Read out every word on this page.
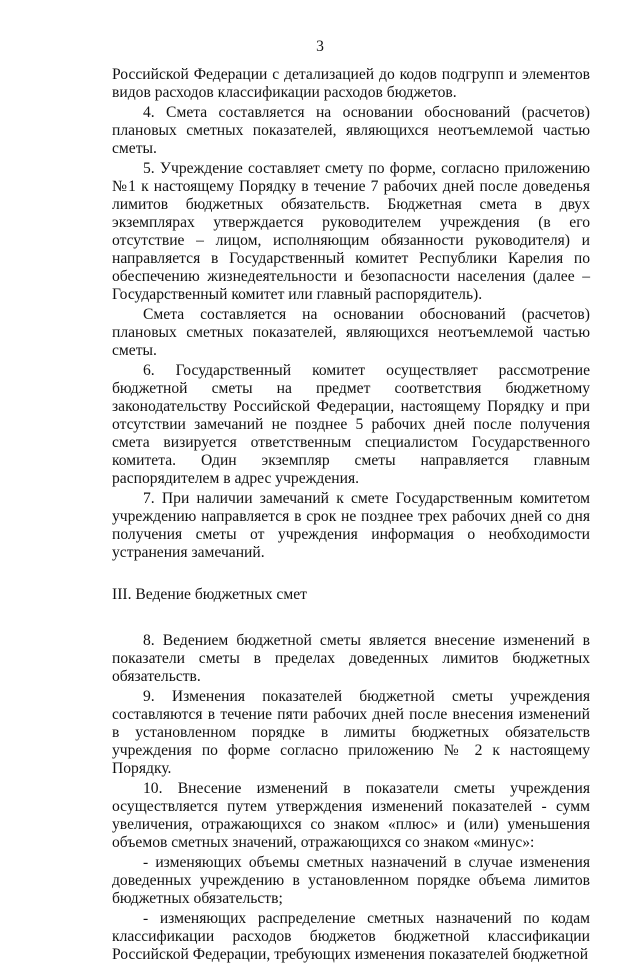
3

Российской Федерации с детализацией до кодов подгрупп и элементов видов расходов классификации расходов бюджетов.

4. Смета составляется на основании обоснований (расчетов) плановых сметных показателей, являющихся неотъемлемой частью сметы.

5. Учреждение составляет смету по форме, согласно приложению №1 к настоящему Порядку в течение 7 рабочих дней после доведенья лимитов бюджетных обязательств. Бюджетная смета в двух экземплярах утверждается руководителем учреждения (в его отсутствие – лицом, исполняющим обязанности руководителя) и направляется в Государственный комитет Республики Карелия по обеспечению жизнедеятельности и безопасности населения (далее – Государственный комитет или главный распорядитель).

Смета составляется на основании обоснований (расчетов) плановых сметных показателей, являющихся неотъемлемой частью сметы.

6. Государственный комитет осуществляет рассмотрение бюджетной сметы на предмет соответствия бюджетному законодательству Российской Федерации, настоящему Порядку и при отсутствии замечаний не позднее 5 рабочих дней после получения смета визируется ответственным специалистом Государственного комитета. Один экземпляр сметы направляется главным распорядителем в адрес учреждения.

7. При наличии замечаний к смете Государственным комитетом учреждению направляется в срок не позднее трех рабочих дней со дня получения сметы от учреждения информация о необходимости устранения замечаний.

III. Ведение бюджетных смет

8. Ведением бюджетной сметы является внесение изменений в показатели сметы в пределах доведенных лимитов бюджетных обязательств.

9. Изменения показателей бюджетной сметы учреждения составляются в течение пяти рабочих дней после внесения изменений в установленном порядке в лимиты бюджетных обязательств учреждения по форме согласно приложению № 2 к настоящему Порядку.

10. Внесение изменений в показатели сметы учреждения осуществляется путем утверждения изменений показателей - сумм увеличения, отражающихся со знаком «плюс» и (или) уменьшения объемов сметных значений, отражающихся со знаком «минус»:

- изменяющих объемы сметных назначений в случае изменения доведенных учреждению в установленном порядке объема лимитов бюджетных обязательств;

- изменяющих распределение сметных назначений по кодам классификации расходов бюджетов бюджетной классификации Российской Федерации, требующих изменения показателей бюджетной
